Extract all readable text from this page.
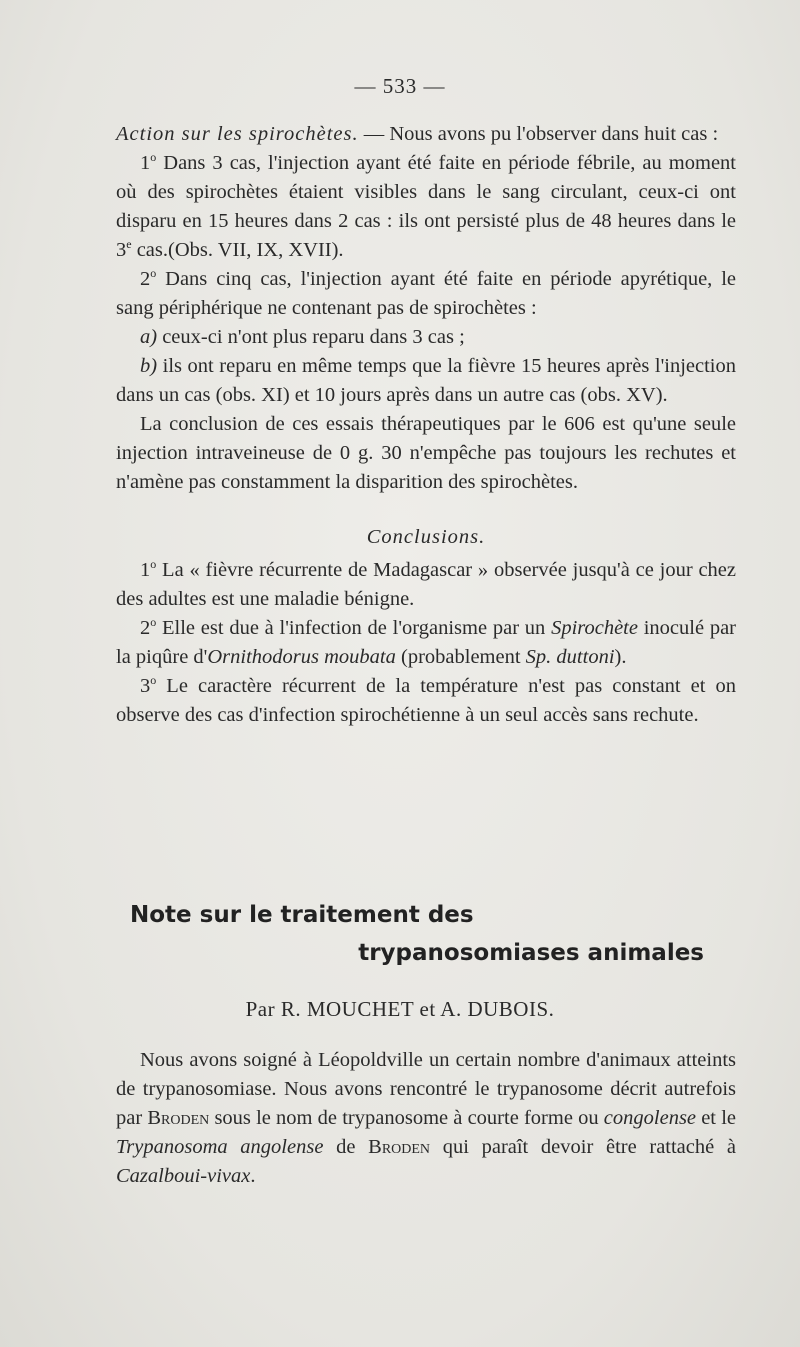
— 533 —

Action sur les spirochètes. — Nous avons pu l'observer dans huit cas :

1$^o$ Dans 3 cas, l'injection ayant été faite en période fébrile, au moment où des spirochètes étaient visibles dans le sang circulant, ceux-ci ont disparu en 15 heures dans 2 cas : ils ont persisté plus de 48 heures dans le 3e cas.(Obs. VII, IX, XVII).

2$^o$ Dans cinq cas, l'injection ayant été faite en période apyrétique, le sang périphérique ne contenant pas de spirochètes :

a) ceux-ci n'ont plus reparu dans 3 cas ;

b) ils ont reparu en même temps que la fièvre 15 heures après l'injection dans un cas (obs. XI) et 10 jours après dans un autre cas (obs. XV).

La conclusion de ces essais thérapeutiques par le 606 est qu'une seule injection intraveineuse de 0 g. 30 n'empêche pas toujours les rechutes et n'amène pas constamment la disparition des spirochètes.

Conclusions.

1$^o$ La « fièvre récurrente de Madagascar » observée jusqu'à ce jour chez des adultes est une maladie bénigne.

2$^o$ Elle est due à l'infection de l'organisme par un Spirochète inoculé par la piqûre d'Ornithodorus moubata (probablement Sp. duttoni).

3$^o$ Le caractère récurrent de la température n'est pas constant et on observe des cas d'infection spirochétienne à un seul accès sans rechute.

Note sur le traitement des
trypanosomiases animales
Par R. MOUCHET et A. DUBOIS.

Nous avons soigné à Léopoldville un certain nombre d'animaux atteints de trypanosomiase. Nous avons rencontré le trypanosome décrit autrefois par Broden sous le nom de trypanosome à courte forme ou congolense et le Trypanosoma angolense de Broden qui paraît devoir être rattaché à Cazalboui-vivax.
